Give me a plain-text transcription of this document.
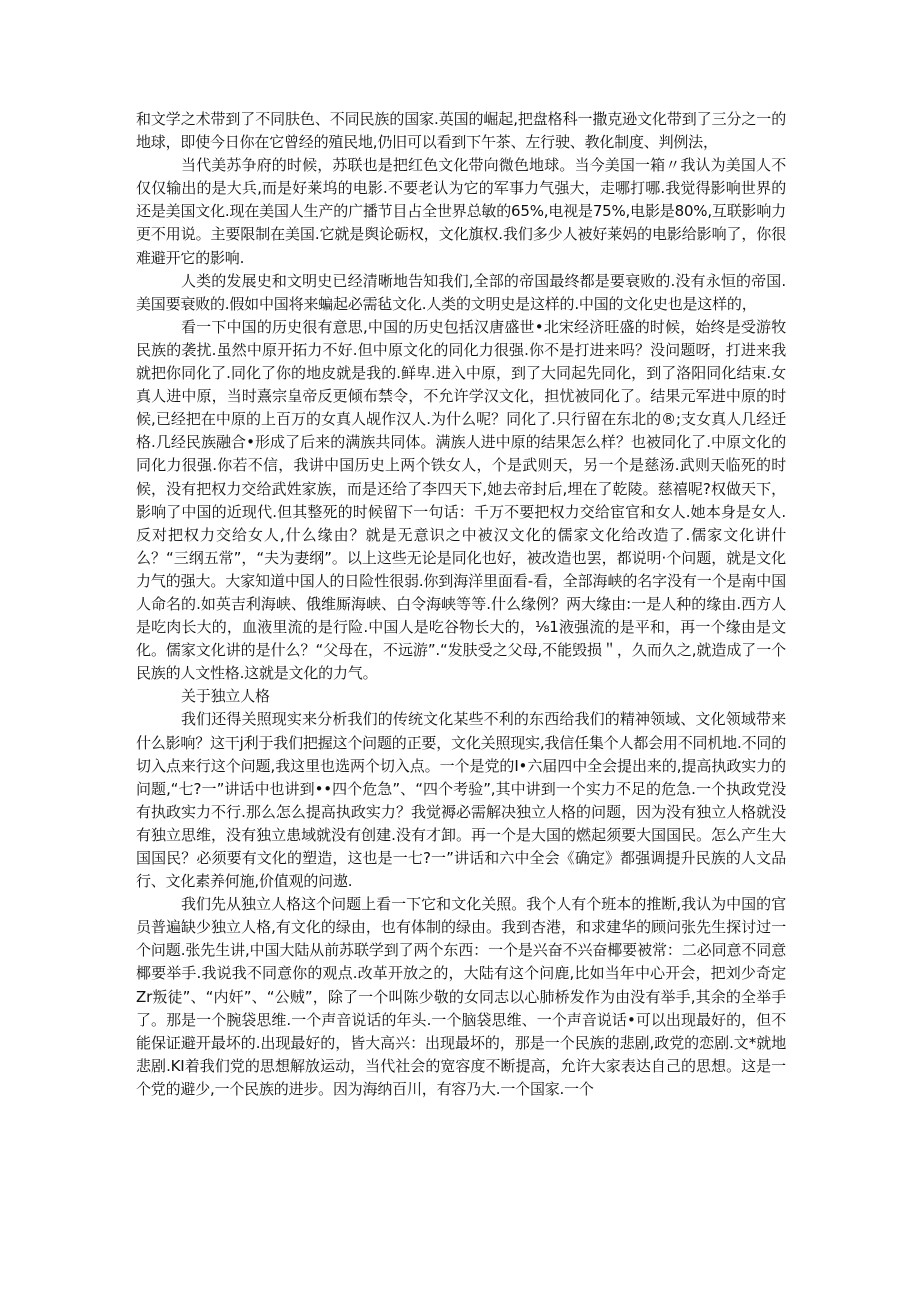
和文学之术带到了不同肤色、不同民族的国家.英国的崛起,把盘格科一撒克逊文化带到了三分之一的地球，即使今日你在它曾经的殖民地,仍旧可以看到下午茶、左行驶、教化制度、判例法，

当代美苏争府的时候，苏联也是把红色文化带向微色地球。当今美国一箱〃我认为美国人不仅仅输出的是大兵,而是好莱坞的电影.不要老认为它的军事力气强大，走哪打哪.我觉得影响世界的还是美国文化.现在美国人生产的广播节目占全世界总敏的65%,电视是75%,电影是80%,互联影响力更不用说。主要限制在美国.它就是舆论砺权，文化旗权.我们多少人被好莱妈的电影给影响了，你很难避开它的影响.

人类的发展史和文明史已经清晰地告知我们,全部的帝国最终都是要衰败的.没有永恒的帝国.美国要衰败的.假如中国将来蝙起必需毡文化.人类的文明史是这样的.中国的文化史也是这样的，

看一下中国的历史很有意思,中国的历史包括汉唐盛世•北宋经济旺盛的时候，始终是受游牧民族的袭扰.虽然中原开拓力不好.但中原文化的同化力很强.你不是打进来吗？没问题呀，打进来我就把你同化了.同化了你的地皮就是我的.鲜卑.进入中原，到了大同起先同化，到了洛阳同化结束.女真人进中原，当时熹宗皇帝反更倾布禁令，不允许学汉文化，担忧被同化了。结果元军进中原的时候,已经把在中原的上百万的女真人觇作汉人.为什么呢？同化了.只行留在东北的®;支女真人几经迁格.几经民族融合•形成了后来的满族共同体。满族人进中原的结果怎么样？也被同化了.中原文化的同化力很强.你若不信，我讲中国历史上两个铁女人，个是武则天，另一个是慈汤.武则天临死的时候，没有把权力交给武姓家族，而是还给了李四天下,她去帝封后,埋在了乾陵。慈禧呢?权做天下，影响了中国的近现代.但其整死的时候留下一句话：千万不要把权力交给宦官和女人.她本身是女人.反对把权力交给女人,什么缘由？就是无意识之中被汉文化的儒家文化给改造了.儒家文化讲什么？“三纲五常”，“夫为妻纲”。以上这些无论是同化也好，被改造也罢，都说明·个问题，就是文化力气的强大。大家知道中国人的日险性很弱.你到海洋里面看-看，全部海峡的名字没有一个是南中国人命名的.如英吉利海峡、俄维厮海峡、白令海峡等等.什么缘例？两大缘由:一是人种的缘由.西方人是吃肉长大的，血液里流的是行险.中国人是吃谷物长大的，⅛1液强流的是平和，再一个缘由是文化。儒家文化讲的是什么？“父母在，不远游”.“发肤受之父母,不能毁损＂，久而久之,就造成了一个民族的人文性格.这就是文化的力气。

关于独立人格

我们还得关照现实来分析我们的传统文化某些不利的东西给我们的精神领域、文化领域带来什么影响？这干j利于我们把握这个问题的正要，文化关照现实,我信任集个人都会用不同机地.不同的切入点来行这个问题,我这里也选两个切入点。一个是党的I•六届四中全会提出来的,提高执政实力的问题,“七?一”讲话中也讲到••四个危急”、“四个考验”,其中讲到一个实力不足的危急.一个执政党没有执政实力不行.那么怎么提高执政实力？我觉褥必需解决独立人格的问题，因为没有独立人格就没有独立思维，没有独立患域就没有创建.没有才卸。再一个是大国的燃起须要大国国民。怎么产生大国国民？必须要有文化的塑造，这也是一七?一”讲话和六中全会《确定》都强调提升民族的人文品行、文化素养何施,价值观的问遨.

我们先从独立人格这个问题上看一下它和文化关照。我个人有个班本的推断,我认为中国的官员普遍缺少独立人格,有文化的绿由，也有体制的绿由。我到杏港，和求建华的顾问张先生探讨过一个问题.张先生讲,中国大陆从前苏联学到了两个东西：一个是兴奋不兴奋椰要被常：二必同意不同意椰要举手.我说我不同意你的观点.改革开放之的，大陆有这个问鹿,比如当年中心开会，把刘少奇定Zr叛徒”、“内奸”、“公贼”，除了一个叫陈少敬的女同志以心肺桥发作为由没有举手,其余的全举手了。那是一个腕袋思维.一个声音说话的年头.一个脑袋思维、一个声音说话•可以出现最好的，但不能保证避开最坏的.出现最好的，皆大高兴：出现最坏的，那是一个民族的悲剧,政党的恋剧.文*就地悲剧.KI着我们党的思想解放运动，当代社会的宽容度不断提高，允许大家表达自己的思想。这是一个党的避少,一个民族的进步。因为海纳百川，有容乃大.一个国家.一个
